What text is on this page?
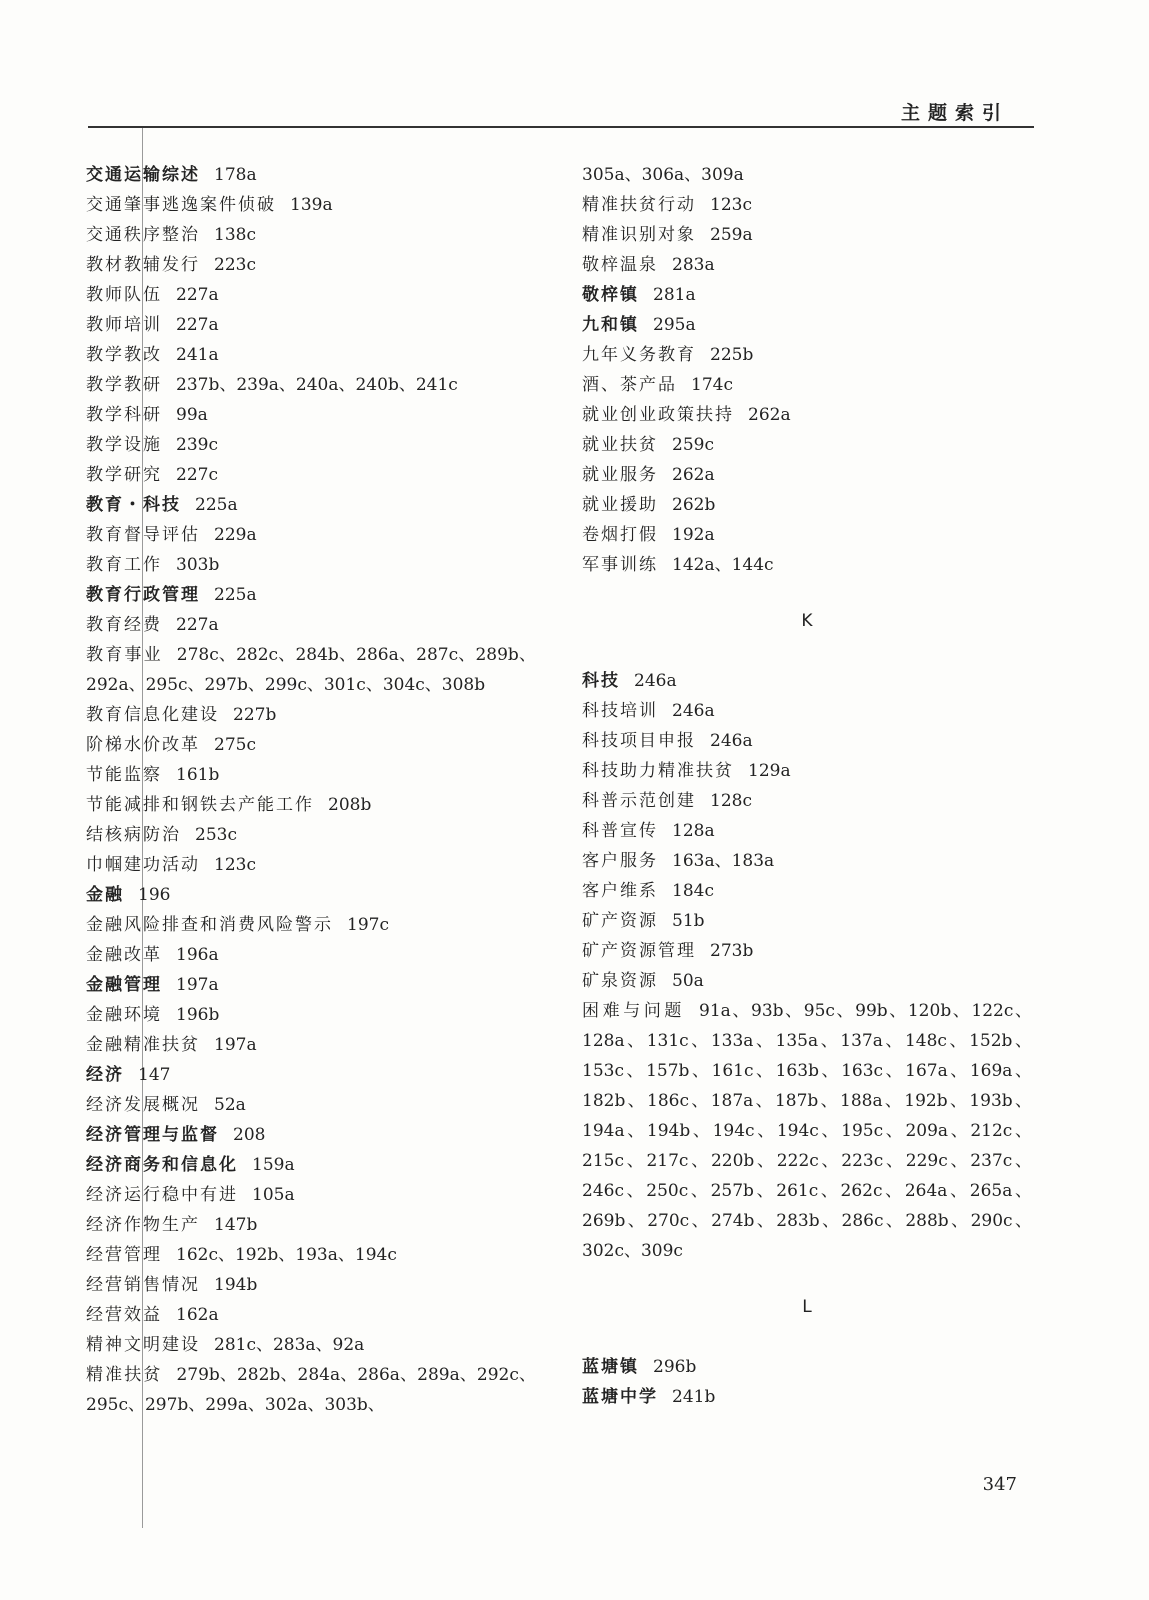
主题索引
交通运输综述 178a
交通肇事逃逸案件侦破 139a
交通秩序整治 138c
教材教辅发行 223c
教师队伍 227a
教师培训 227a
教学教改 241a
教学教研 237b、239a、240a、240b、241c
教学科研 99a
教学设施 239c
教学研究 227c
教育・科技 225a
教育督导评估 229a
教育工作 303b
教育行政管理 225a
教育经费 227a
教育事业 278c、282c、284b、286a、287c、289b、292a、295c、297b、299c、301c、304c、308b
教育信息化建设 227b
阶梯水价改革 275c
节能监察 161b
节能减排和钢铁去产能工作 208b
结核病防治 253c
巾帼建功活动 123c
金融 196
金融风险排查和消费风险警示 197c
金融改革 196a
金融管理 197a
金融环境 196b
金融精准扶贫 197a
经济 147
经济发展概况 52a
经济管理与监督 208
经济商务和信息化 159a
经济运行稳中有进 105a
经济作物生产 147b
经营管理 162c、192b、193a、194c
经营销售情况 194b
经营效益 162a
精神文明建设 281c、283a、92a
精准扶贫 279b、282b、284a、286a、289a、292c、295c、297b、299a、302a、303b、
305a、306a、309a
精准扶贫行动 123c
精准识别对象 259a
敬梓温泉 283a
敬梓镇 281a
九和镇 295a
九年义务教育 225b
酒、茶产品 174c
就业创业政策扶持 262a
就业扶贫 259c
就业服务 262a
就业援助 262b
卷烟打假 192a
军事训练 142a、144c
K
科技 246a
科技培训 246a
科技项目申报 246a
科技助力精准扶贫 129a
科普示范创建 128c
科普宣传 128a
客户服务 163a、183a
客户维系 184c
矿产资源 51b
矿产资源管理 273b
矿泉资源 50a
困难与问题 91a、93b、95c、99b、120b、122c、128a、131c、133a、135a、137a、148c、152b、153c、157b、161c、163b、163c、167a、169a、182b、186c、187a、187b、188a、192b、193b、194a、194b、194c、194c、195c、209a、212c、215c、217c、220b、222c、223c、229c、237c、246c、250c、257b、261c、262c、264a、265a、269b、270c、274b、283b、286c、288b、290c、302c、309c
L
蓝塘镇 296b
蓝塘中学 241b
347
